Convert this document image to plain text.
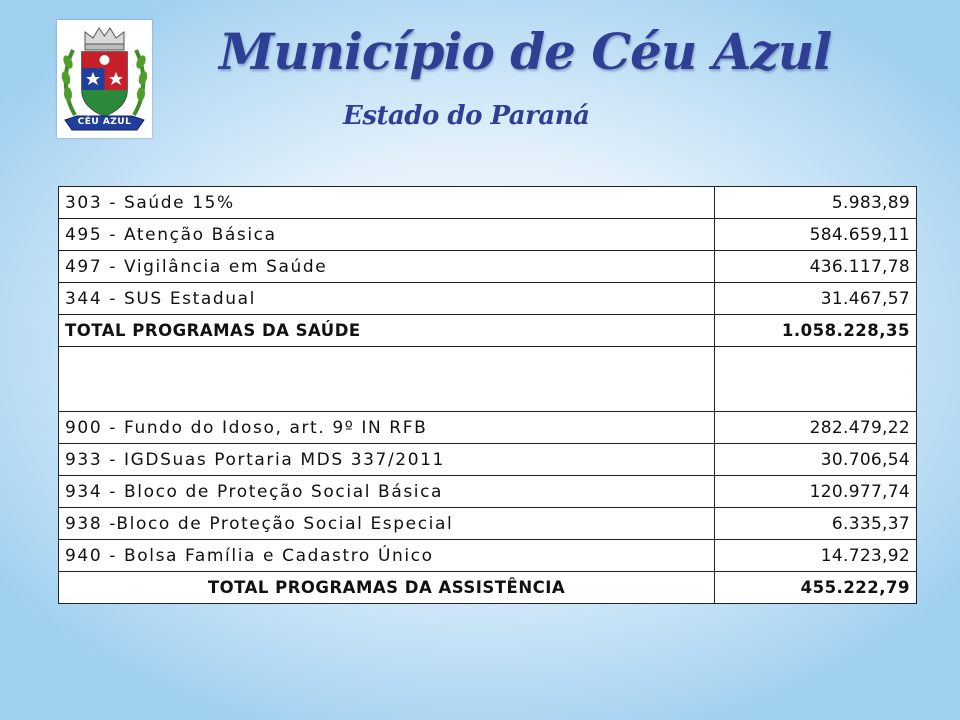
CÉU AZUL
Município de Céu Azul
Estado do Paraná
303 - Saúde 15%	5.983,89
495 - Atenção Básica	584.659,11
497 - Vigilância em Saúde	436.117,78
344 - SUS Estadual	31.467,57
TOTAL PROGRAMAS DA SAÚDE	1.058.228,35

900 - Fundo do Idoso, art. 9º IN RFB	282.479,22
933 - IGDSuas Portaria MDS 337/2011	30.706,54
934 - Bloco de Proteção Social Básica	120.977,74
938 -Bloco de Proteção Social Especial	6.335,37
940 - Bolsa Família e Cadastro Único	14.723,92
TOTAL PROGRAMAS DA ASSISTÊNCIA	455.222,79
